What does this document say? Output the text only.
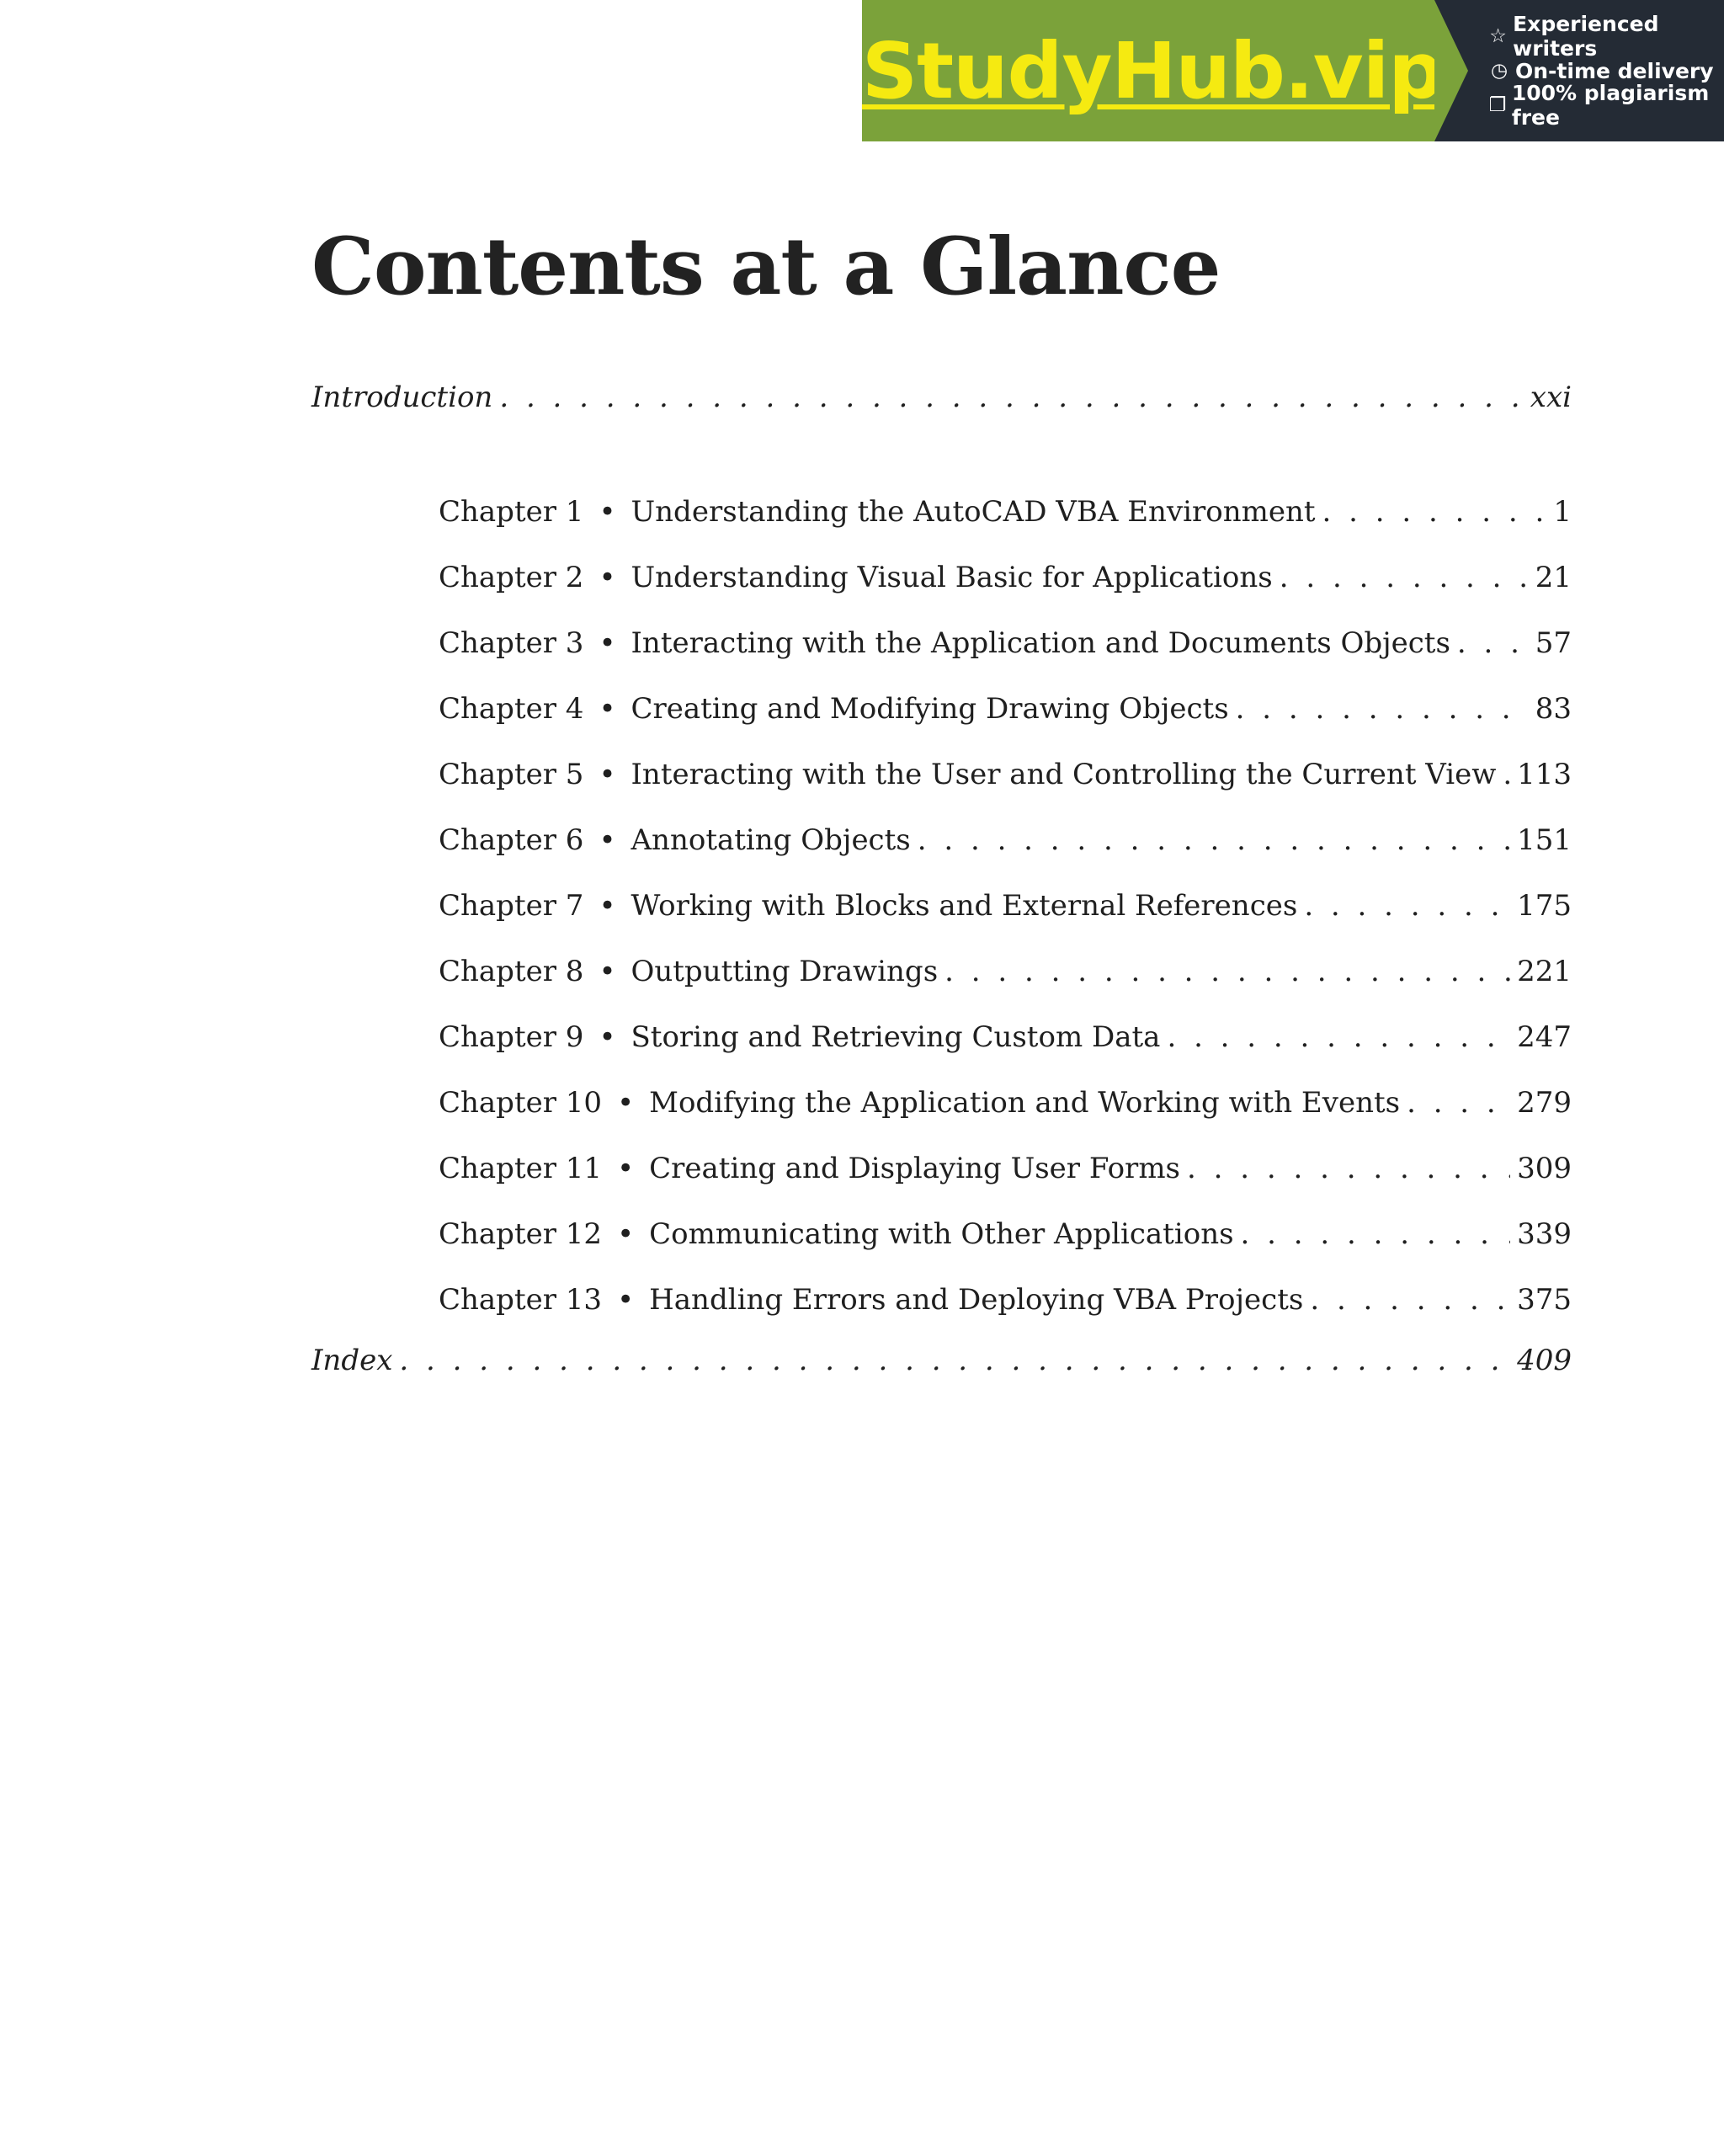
StudyHub.vip ☆ Experienced writers
◷ On-time delivery
❐ 100% plagiarism free
Contents at a Glance
Introduction . . .	xxi
Chapter 1 • Understanding the AutoCAD VBA Environment . . .	1
Chapter 2 • Understanding Visual Basic for Applications . . .	21
Chapter 3 • Interacting with the Application and Documents Objects . . .	57
Chapter 4 • Creating and Modifying Drawing Objects . . .	83
Chapter 5 • Interacting with the User and Controlling the Current View . . . 113
Chapter 6 • Annotating Objects . . .	151
Chapter 7 • Working with Blocks and External References . . .	175
Chapter 8 • Outputting Drawings . . .	221
Chapter 9 • Storing and Retrieving Custom Data . . .	247
Chapter 10 • Modifying the Application and Working with Events . . .	279
Chapter 11 • Creating and Displaying User Forms . . .	309
Chapter 12 • Communicating with Other Applications . . .	339
Chapter 13 • Handling Errors and Deploying VBA Projects . . .	375
Index . . .	409
